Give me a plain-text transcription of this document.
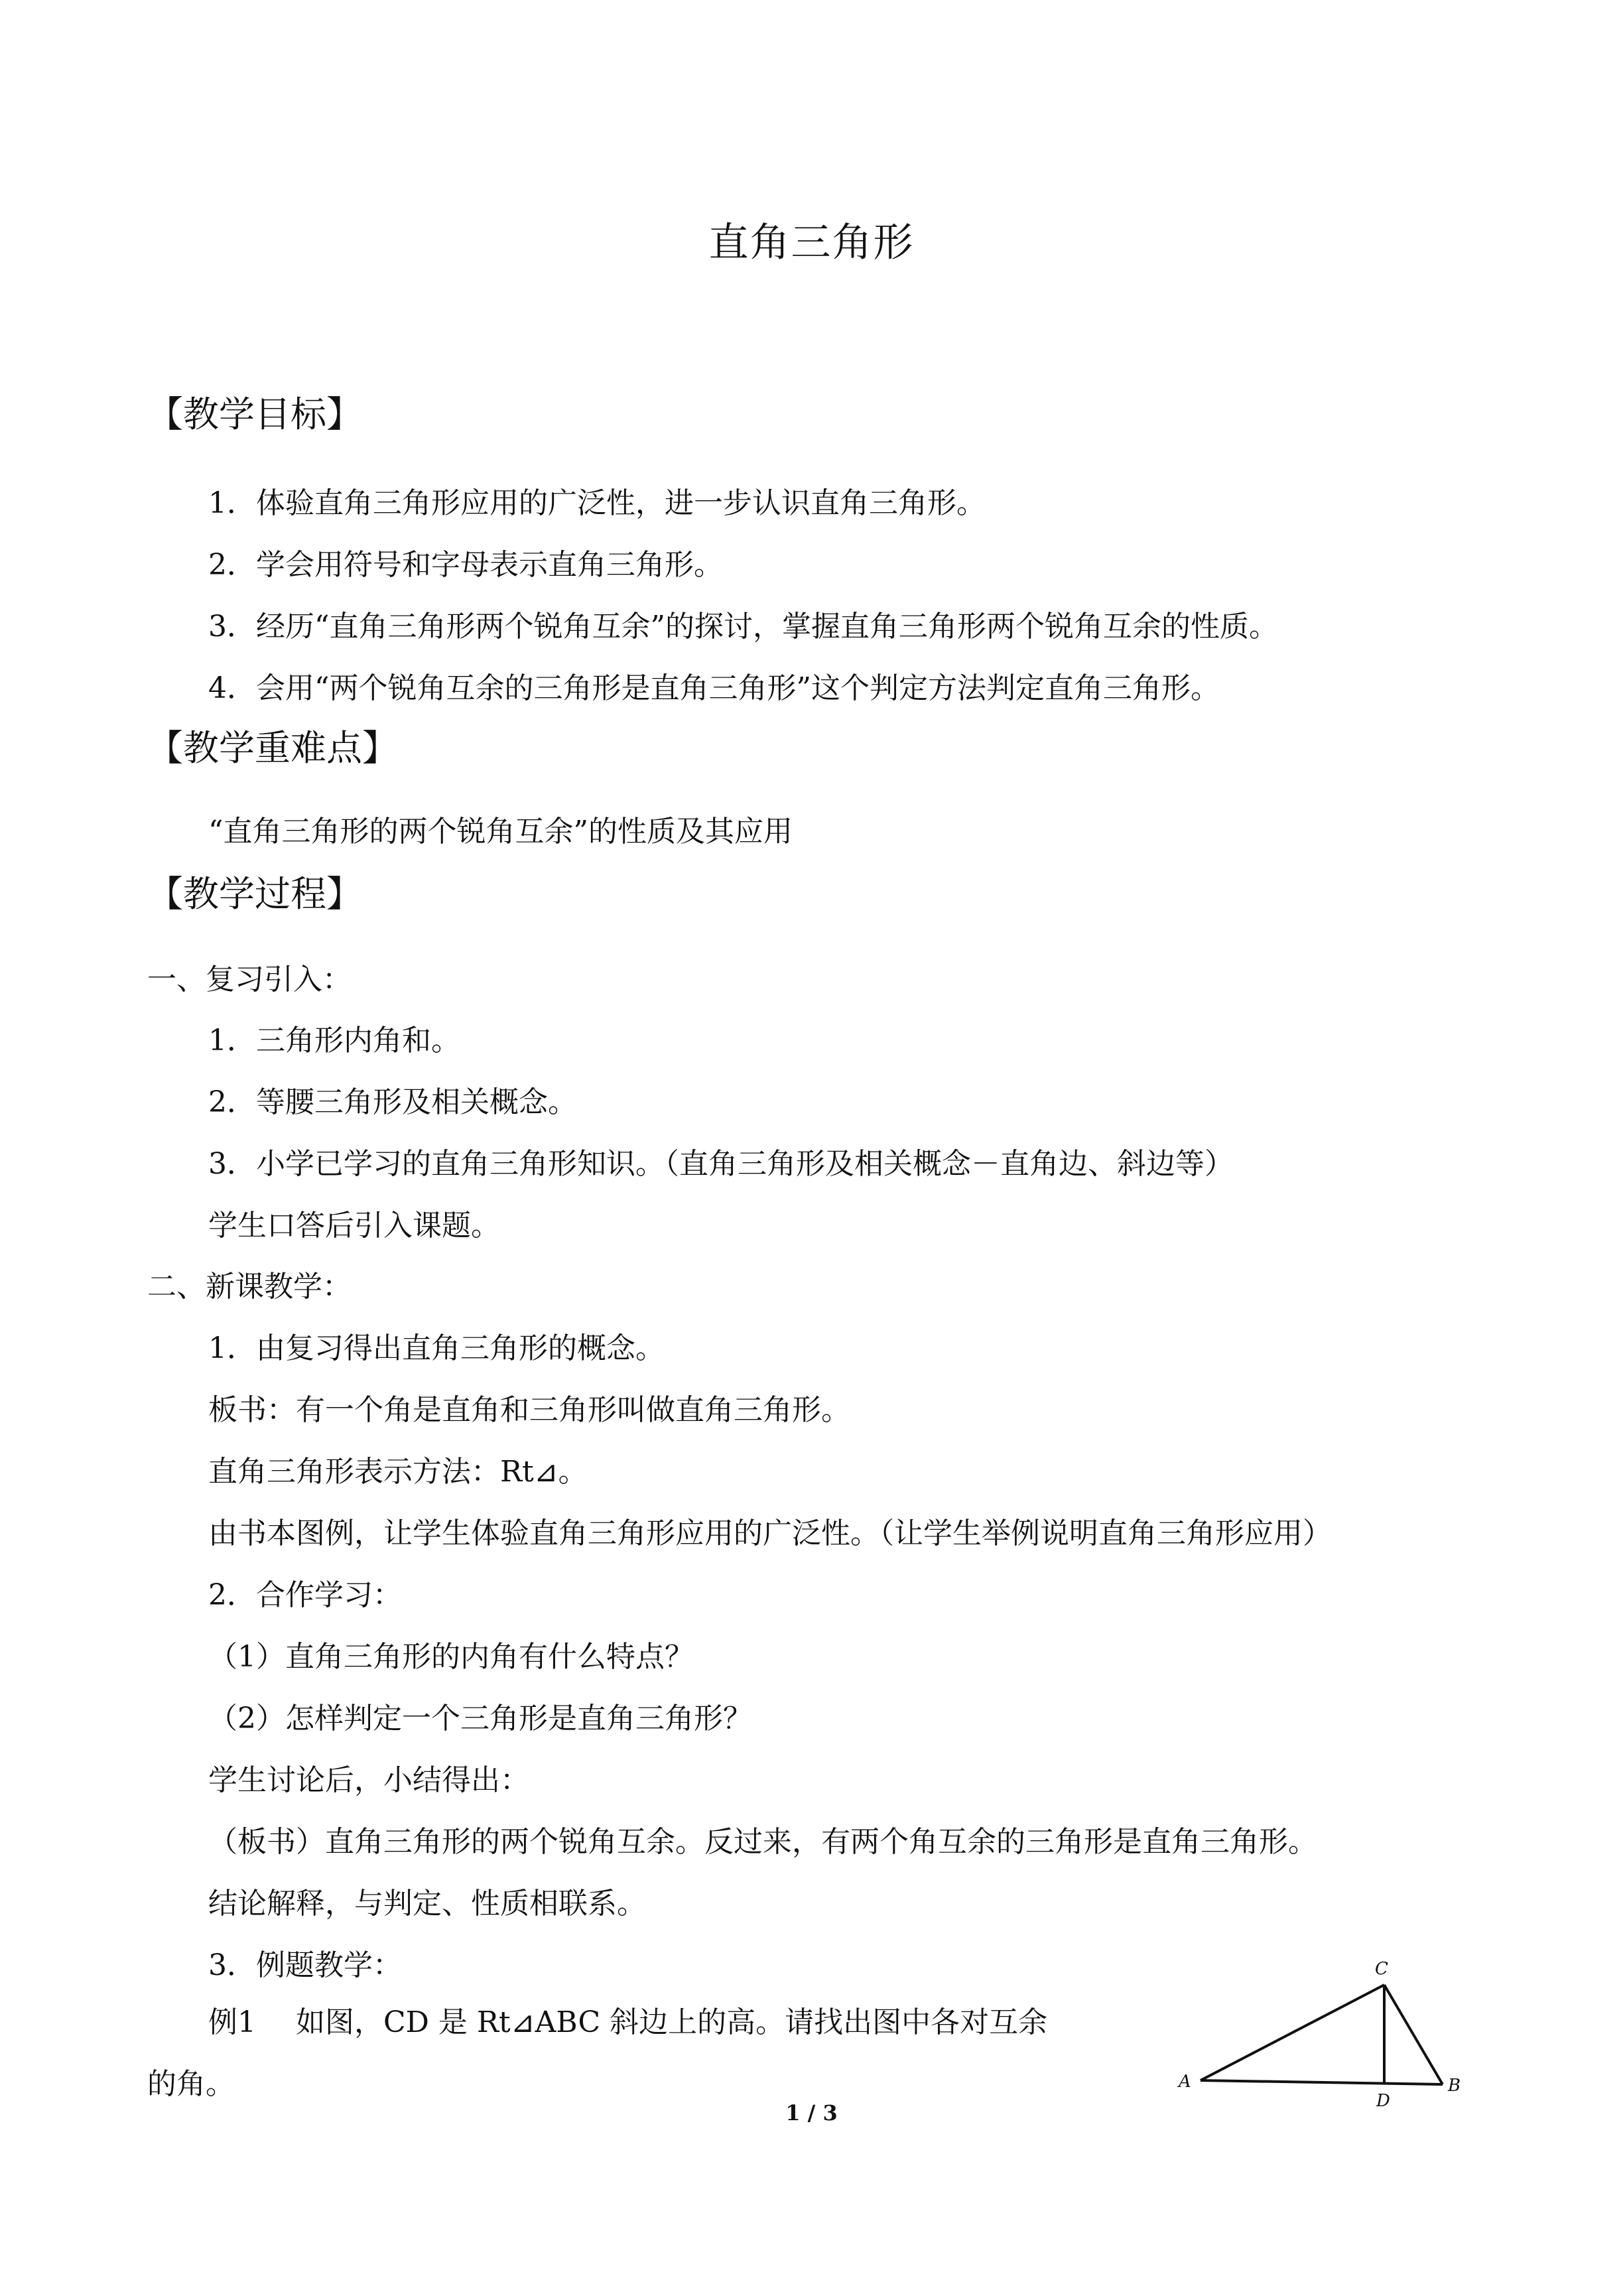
直角三角形
【教学目标】
1．体验直角三角形应用的广泛性，进一步认识直角三角形。
2．学会用符号和字母表示直角三角形。
3．经历“直角三角形两个锐角互余”的探讨，掌握直角三角形两个锐角互余的性质。
4．会用“两个锐角互余的三角形是直角三角形”这个判定方法判定直角三角形。
【教学重难点】
“直角三角形的两个锐角互余”的性质及其应用
【教学过程】
一、复习引入：
1．三角形内角和。
2．等腰三角形及相关概念。
3．小学已学习的直角三角形知识。（直角三角形及相关概念－直角边、斜边等）
学生口答后引入课题。
二、新课教学：
1．由复习得出直角三角形的概念。
板书：有一个角是直角和三角形叫做直角三角形。
直角三角形表示方法：Rt⊿。
由书本图例，让学生体验直角三角形应用的广泛性。（让学生举例说明直角三角形应用）
2．合作学习：
（1）直角三角形的内角有什么特点？
（2）怎样判定一个三角形是直角三角形？
学生讨论后，小结得出：
（板书）直角三角形的两个锐角互余。反过来，有两个角互余的三角形是直角三角形。
结论解释，与判定、性质相联系。
3．例题教学：
例1 如图，CD 是 Rt⊿ABC 斜边上的高。请找出图中各对互余
的角。	A	B
C
D
1 / 3
